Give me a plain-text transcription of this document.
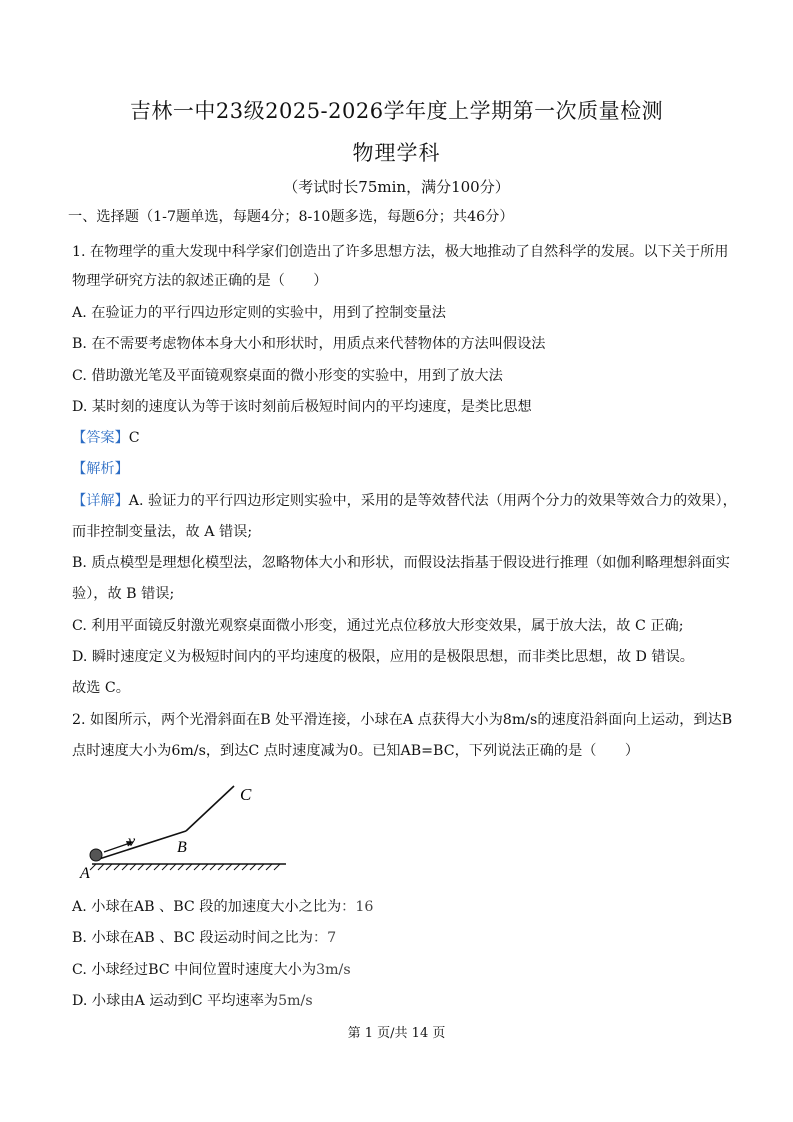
吉林一中23级2025-2026学年度上学期第一次质量检测
物理学科
（考试时长75min，满分100分）
一、选择题（1-7题单选，每题4分；8-10题多选，每题6分；共46分）
1. 在物理学的重大发现中科学家们创造出了许多思想方法，极大地推动了自然科学的发展。以下关于所用
物理学研究方法的叙述正确的是（　　）
A. 在验证力的平行四边形定则的实验中，用到了控制变量法
B. 在不需要考虑物体本身大小和形状时，用质点来代替物体的方法叫假设法
C. 借助激光笔及平面镜观察桌面的微小形变的实验中，用到了放大法
D. 某时刻的速度认为等于该时刻前后极短时间内的平均速度，是类比思想
【答案】C
【解析】
【详解】A. 验证力的平行四边形定则实验中，采用的是等效替代法（用两个分力的效果等效合力的效果），
而非控制变量法，故 A 错误;
B. 质点模型是理想化模型法，忽略物体大小和形状，而假设法指基于假设进行推理（如伽利略理想斜面实
验），故 B 错误;
C. 利用平面镜反射激光观察桌面微小形变，通过光点位移放大形变效果，属于放大法，故 C 正确;
D. 瞬时速度定义为极短时间内的平均速度的极限，应用的是极限思想，而非类比思想，故 D 错误。
故选 C。
2. 如图所示，两个光滑斜面在B 处平滑连接，小球在A 点获得大小为8m/s的速度沿斜面向上运动，到达B
点时速度大小为6m/s，到达C 点时速度减为0。已知AB=BC，下列说法正确的是（　　）
A
B
C
v
A. 小球在AB 、BC 段的加速度大小之比为：16
B. 小球在AB 、BC 段运动时间之比为：7
C. 小球经过BC 中间位置时速度大小为3m/s
D. 小球由A 运动到C 平均速率为5m/s
第 1 页/共 14 页
